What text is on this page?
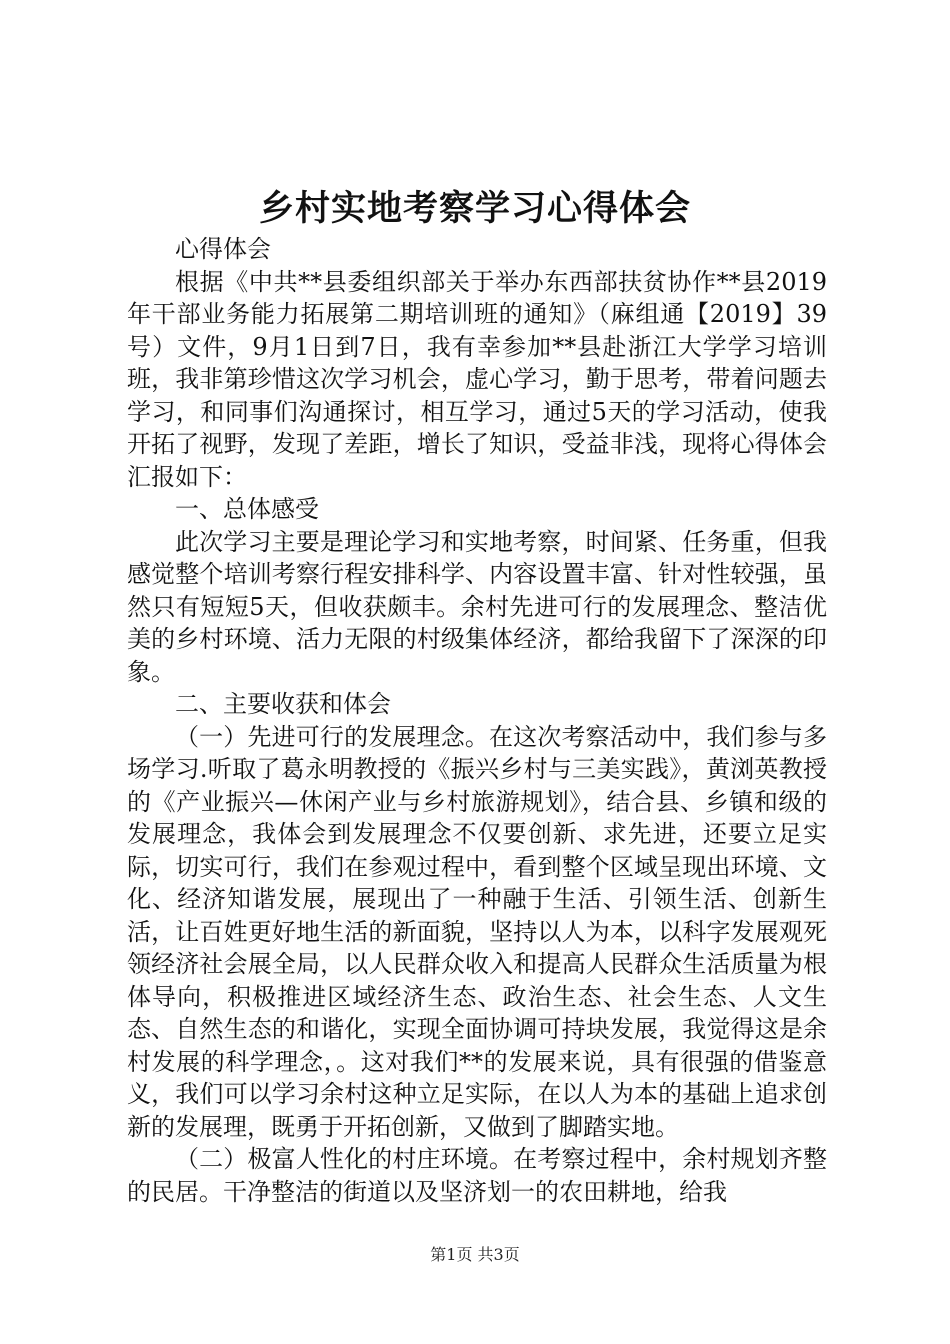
乡村实地考察学习心得体会

心得体会

根据《中共**县委组织部关于举办东西部扶贫协作**县2019年干部业务能力拓展第二期培训班的通知》（麻组通【2019】39号）文件，9月1日到7日，我有幸参加**县赴浙江大学学习培训班，我非第珍惜这次学习机会，虚心学习，勤于思考，带着问题去学习，和同事们沟通探讨，相互学习，通过5天的学习活动，使我开拓了视野，发现了差距，增长了知识，受益非浅，现将心得体会汇报如下：

一、总体感受

此次学习主要是理论学习和实地考察，时间紧、任务重，但我感觉整个培训考察行程安排科学、内容设置丰富、针对性较强，虽然只有短短5天，但收获颇丰。余村先进可行的发展理念、整洁优美的乡村环境、活力无限的村级集体经济，都给我留下了深深的印象。

二、主要收获和体会

（一）先进可行的发展理念。在这次考察活动中，我们参与多场学习.听取了葛永明教授的《振兴乡村与三美实践》，黄浏英教授的《产业振兴—休闲产业与乡村旅游规划》，结合县、乡镇和级的发展理念，我体会到发展理念不仅要创新、求先进，还要立足实际，切实可行，我们在参观过程中，看到整个区域呈现出环境、文化、经济知谐发展，展现出了一种融于生活、引领生活、创新生活，让百姓更好地生活的新面貌，坚持以人为本，以科字发展观死领经济社会展全局，以人民群众收入和提高人民群众生活质量为根体导向，积极推进区域经济生态、政治生态、社会生态、人文生态、自然生态的和谐化，实现全面协调可持块发展，我觉得这是余村发展的科学理念，。这对我们**的发展来说，具有很强的借鉴意义，我们可以学习余村这种立足实际，在以人为本的基础上追求创新的发展理，既勇于开拓创新，又做到了脚踏实地。

（二）极富人性化的村庄环境。在考察过程中，余村规划齐整的民居。干净整洁的街道以及坚济划一的农田耕地，给我

第1页 共3页
